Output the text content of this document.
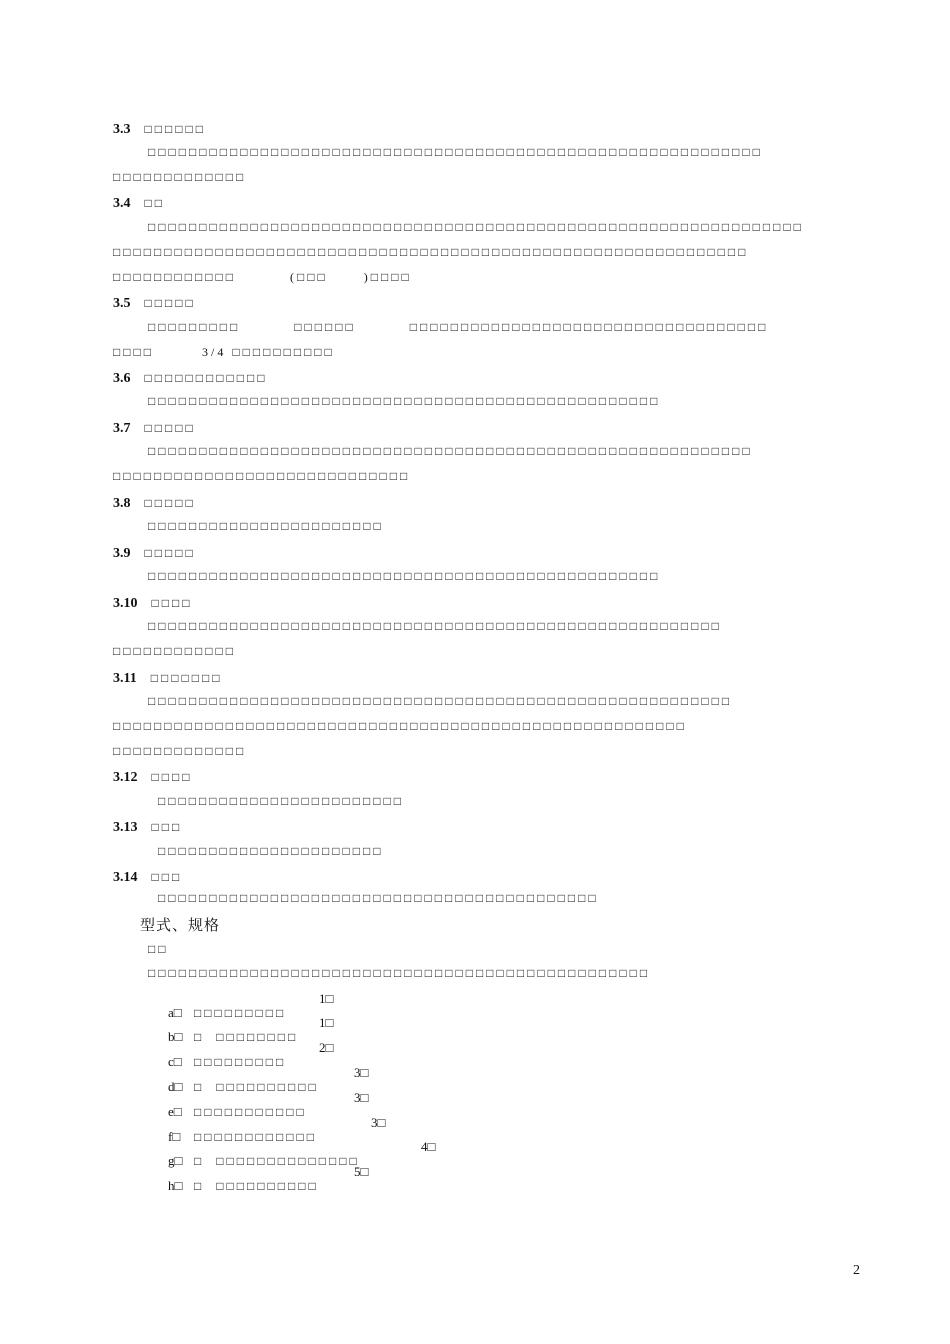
3.3 □□□□□□
□□□□□□□□□□□□□□□□□□□□□□□□□□□□□□□□□□□□□□□□□□□□□□□□□□□□□□□□□□□□
□□□□□□□□□□□□□
3.4 □□
□□□□□□□□□□□□□□□□□□□□□□□□□□□□□□□□□□□□□□□□□□□□□□□□□□□□□□□□□□□□□□□□
□□□□□□□□□□□□□□□□□□□□□□□□□□□□□□□□□□□□□□□□□□□□□□□□□□□□□□□□□□□□□□
□□□□□□□□□□□□         (□□□      )□□□□
3.5 □□□□□
□□□□□□□□□         □□□□□□         □□□□□□□□□□□□□□□□□□□□□□□□□□□□□□□□□□□
□□□□        3/4 □□□□□□□□□□
3.6 □□□□□□□□□□□□
□□□□□□□□□□□□□□□□□□□□□□□□□□□□□□□□□□□□□□□□□□□□□□□□□□
3.7 □□□□□
□□□□□□□□□□□□□□□□□□□□□□□□□□□□□□□□□□□□□□□□□□□□□□□□□□□□□□□□□□□
□□□□□□□□□□□□□□□□□□□□□□□□□□□□□
3.8 □□□□□
□□□□□□□□□□□□□□□□□□□□□□□
3.9 □□□□□
□□□□□□□□□□□□□□□□□□□□□□□□□□□□□□□□□□□□□□□□□□□□□□□□□□
3.10 □□□□
□□□□□□□□□□□□□□□□□□□□□□□□□□□□□□□□□□□□□□□□□□□□□□□□□□□□□□□□
□□□□□□□□□□□□
3.11 □□□□□□□
□□□□□□□□□□□□□□□□□□□□□□□□□□□□□□□□□□□□□□□□□□□□□□□□□□□□□□□□□
□□□□□□□□□□□□□□□□□□□□□□□□□□□□□□□□□□□□□□□□□□□□□□□□□□□□□□□□
□□□□□□□□□□□□□
3.12 □□□□
□□□□□□□□□□□□□□□□□□□□□□□□
3.13 □□□
□□□□□□□□□□□□□□□□□□□□□□
3.14 □□□
□□□□□□□□□□□□□□□□□□□□□□□□□□□□□□□□□□□□□□□□□□□
型式、规格
□□
□□□□□□□□□□□□□□□□□□□□□□□□□□□□□□□□□□□□□□□□□□□□□□□□□

a□ □□□□□□□□□
1□

b□ □  □□□□□□□□
1□

c□ □□□□□□□□□
2□

d□ □  □□□□□□□□□□
3□

e□ □□□□□□□□□□□
3□

f□ □□□□□□□□□□□□
3□

g□ □  □□□□□□□□□□□□□□
4□

h□ □  □□□□□□□□□□
5□

2
